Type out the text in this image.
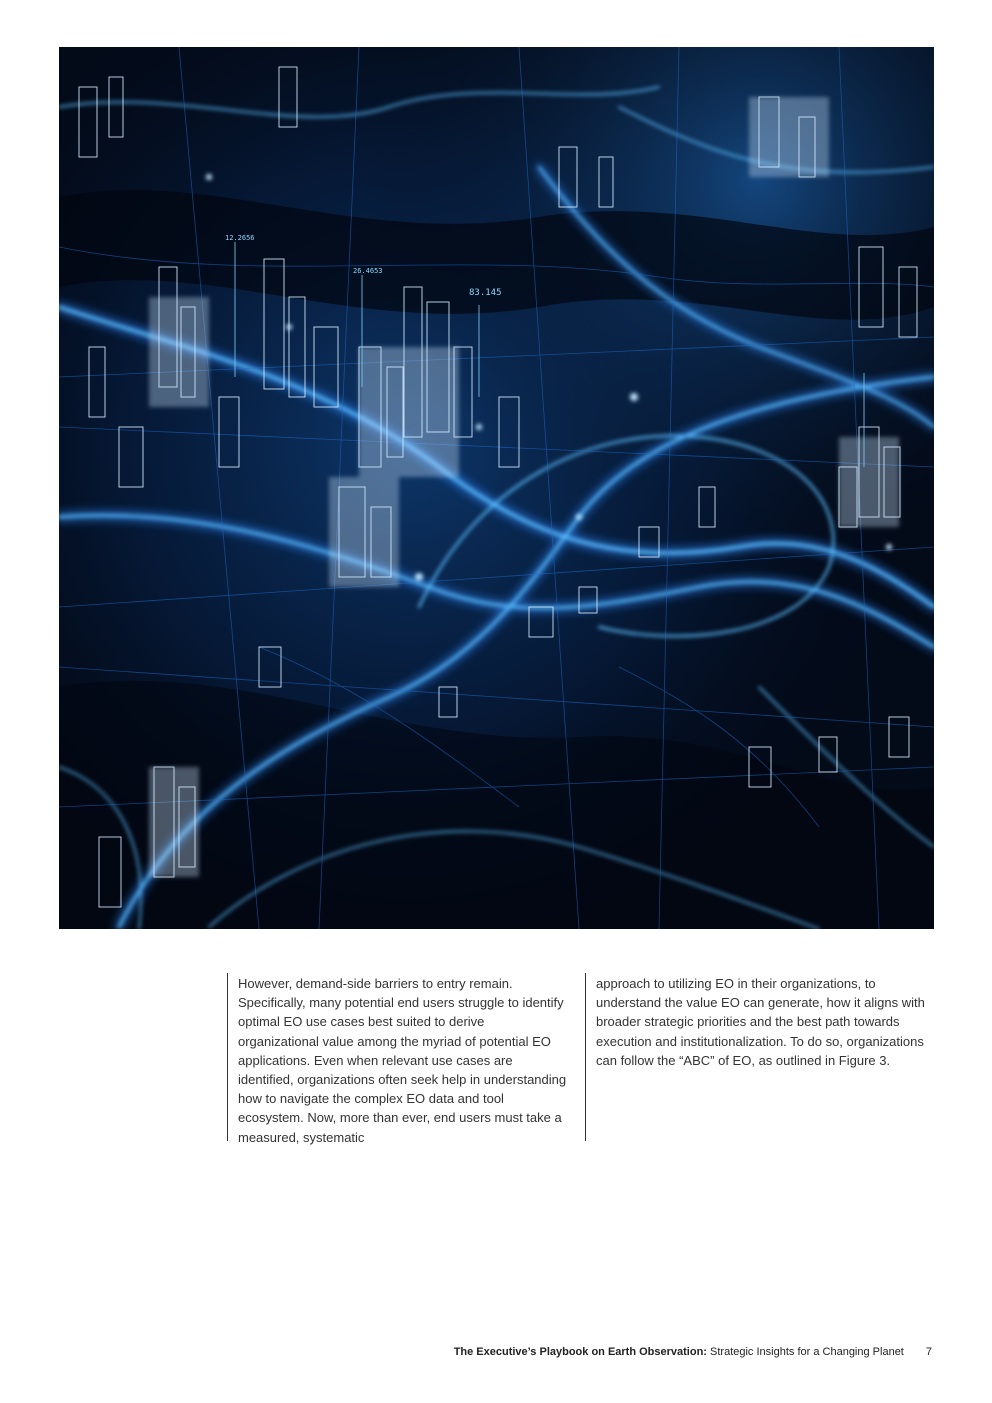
12.2656
26.4653
83.145

However, demand-side barriers to entry remain. Specifically, many potential end users struggle to identify optimal EO use cases best suited to derive organizational value among the myriad of potential EO applications. Even when relevant use cases are identified, organizations often seek help in understanding how to navigate the complex EO data and tool ecosystem. Now, more than ever, end users must take a measured, systematic

approach to utilizing EO in their organizations, to understand the value EO can generate, how it aligns with broader strategic priorities and the best path towards execution and institutionalization. To do so, organizations can follow the “ABC” of EO, as outlined in Figure 3.

The Executive’s Playbook on Earth Observation: Strategic Insights for a Changing Planet 7
